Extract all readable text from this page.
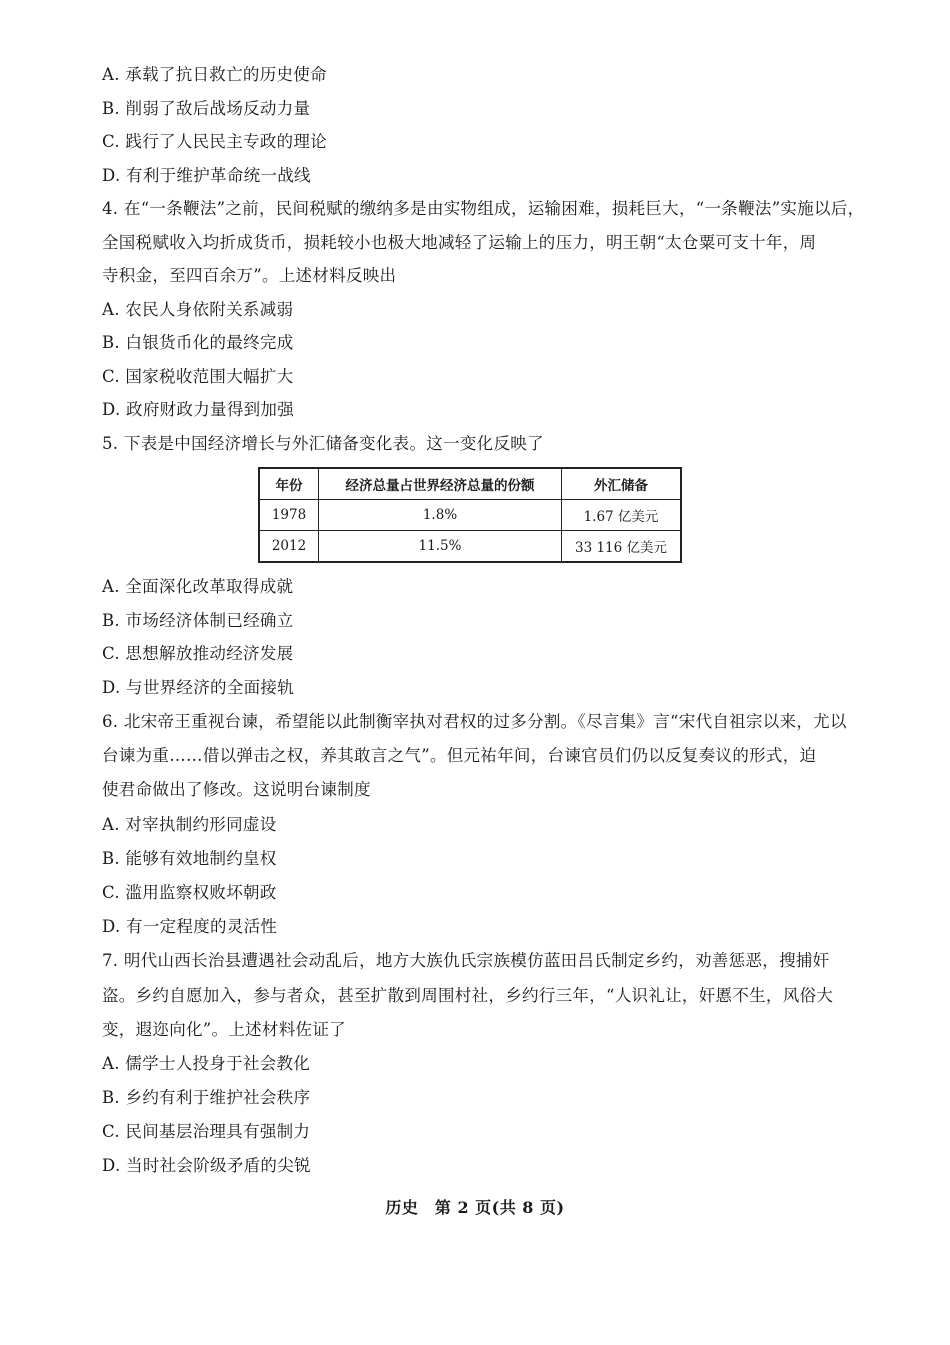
A. 承载了抗日救亡的历史使命
B. 削弱了敌后战场反动力量
C. 践行了人民民主专政的理论
D. 有利于维护革命统一战线
4. 在“一条鞭法”之前，民间税赋的缴纳多是由实物组成，运输困难，损耗巨大，“一条鞭法”实施以后，
全国税赋收入均折成货币，损耗较小也极大地减轻了运输上的压力，明王朝“太仓粟可支十年，周
寺积金，至四百余万”。上述材料反映出
A. 农民人身依附关系减弱
B. 白银货币化的最终完成
C. 国家税收范围大幅扩大
D. 政府财政力量得到加强
5. 下表是中国经济增长与外汇储备变化表。这一变化反映了
年份	经济总量占世界经济总量的份额	外汇储备
1978	1.8%	1.67 亿美元
2012	11.5%	33 116 亿美元
A. 全面深化改革取得成就
B. 市场经济体制已经确立
C. 思想解放推动经济发展
D. 与世界经济的全面接轨
6. 北宋帝王重视台谏，希望能以此制衡宰执对君权的过多分割。《尽言集》言“宋代自祖宗以来，尤以
台谏为重……借以弹击之权，养其敢言之气”。但元祐年间，台谏官员们仍以反复奏议的形式，迫
使君命做出了修改。这说明台谏制度
A. 对宰执制约形同虚设
B. 能够有效地制约皇权
C. 滥用监察权败坏朝政
D. 有一定程度的灵活性
7. 明代山西长治县遭遇社会动乱后，地方大族仇氏宗族模仿蓝田吕氏制定乡约，劝善惩恶，搜捕奸
盗。乡约自愿加入，参与者众，甚至扩散到周围村社，乡约行三年，“人识礼让，奸慝不生，风俗大
变，遐迩向化”。上述材料佐证了
A. 儒学士人投身于社会教化
B. 乡约有利于维护社会秩序
C. 民间基层治理具有强制力
D. 当时社会阶级矛盾的尖锐
历史　第 2 页(共 8 页)
